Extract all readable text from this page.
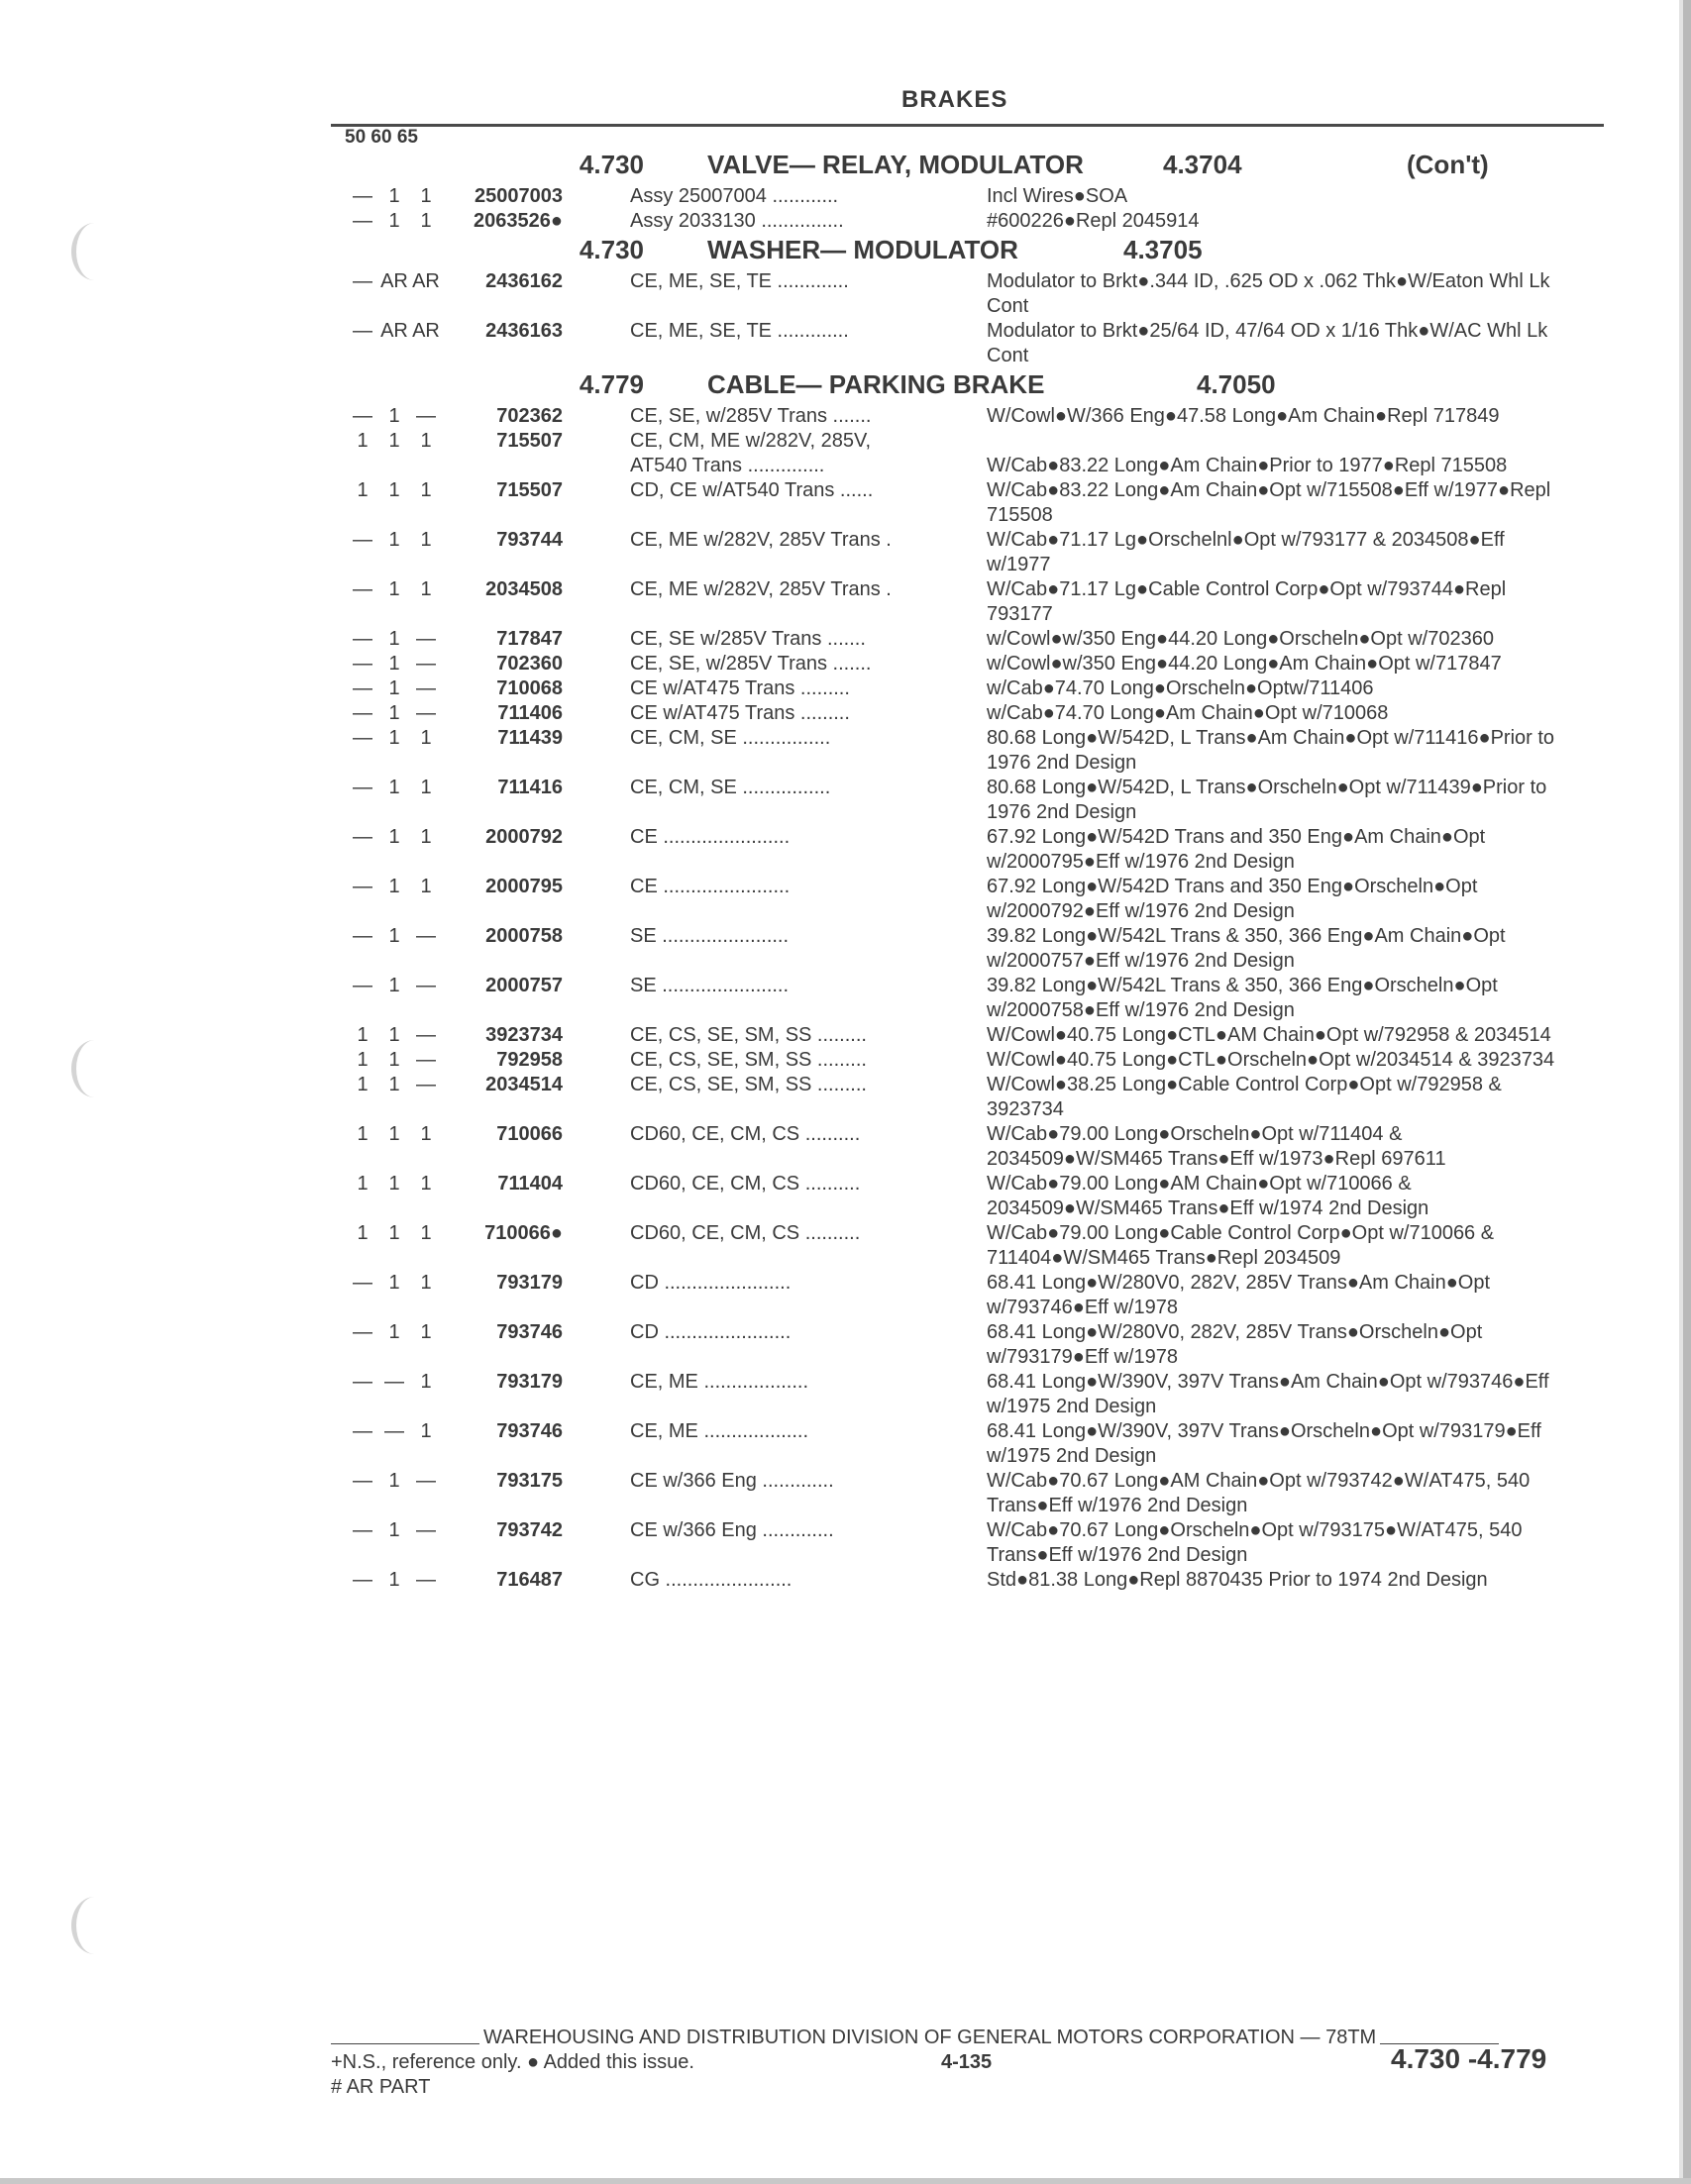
BRAKES
50 60 65
4.730 VALVE— RELAY, MODULATOR	4.3704	(Con't)
— 1	1	25007003	Assy 25007004 ............	Incl Wires●SOA
— 1	1	2063526●	Assy 2033130 ...............	#600226●Repl 2045914
4.730 WASHER— MODULATOR	4.3705
— AR AR	2436162	CE, ME, SE, TE .............	Modulator to Brkt●.344 ID, .625 OD x .062 Thk●W/Eaton Whl Lk Cont
— AR AR	2436163	CE, ME, SE, TE .............	Modulator to Brkt●25/64 ID, 47/64 OD x 1/16 Thk●W/AC Whl Lk Cont
4.779 CABLE— PARKING BRAKE	4.7050
— 1 —	702362	CE, SE, w/285V Trans .......	W/Cowl●W/366 Eng●47.58 Long●Am Chain●Repl 717849
1	1	1	715507	CE, CM, ME w/282V, 285V,
AT540 Trans ..............	W/Cab●83.22 Long●Am Chain●Prior to 1977●Repl 715508
1	1	1	715507	CD, CE w/AT540 Trans ......	W/Cab●83.22 Long●Am Chain●Opt w/715508●Eff w/1977●Repl 715508
— 1	1	793744	CE, ME w/282V, 285V Trans .	W/Cab●71.17 Lg●Orschelnl●Opt w/793177 & 2034508●Eff w/1977
— 1	1	2034508	CE, ME w/282V, 285V Trans .	W/Cab●71.17 Lg●Cable Control Corp●Opt w/793744●Repl 793177
— 1 —	717847	CE, SE w/285V Trans .......	w/Cowl●w/350 Eng●44.20 Long●Orscheln●Opt w/702360
— 1 —	702360	CE, SE, w/285V Trans .......	w/Cowl●w/350 Eng●44.20 Long●Am Chain●Opt w/717847
— 1 —	710068	CE w/AT475 Trans .........	w/Cab●74.70 Long●Orscheln●Optw/711406
— 1 —	711406	CE w/AT475 Trans .........	w/Cab●74.70 Long●Am Chain●Opt w/710068
— 1	1	711439	CE, CM, SE ................	80.68 Long●W/542D, L Trans●Am Chain●Opt w/711416●Prior to 1976 2nd Design
— 1	1	711416	CE, CM, SE ................	80.68 Long●W/542D, L Trans●Orscheln●Opt w/711439●Prior to 1976 2nd Design
— 1	1	2000792	CE .......................	67.92 Long●W/542D Trans and 350 Eng●Am Chain●Opt w/2000795●Eff w/1976 2nd Design
— 1	1	2000795	CE .......................	67.92 Long●W/542D Trans and 350 Eng●Orscheln●Opt w/2000792●Eff w/1976 2nd Design
— 1 —	2000758	SE .......................	39.82 Long●W/542L Trans & 350, 366 Eng●Am Chain●Opt w/2000757●Eff w/1976 2nd Design
— 1 —	2000757	SE .......................	39.82 Long●W/542L Trans & 350, 366 Eng●Orscheln●Opt w/2000758●Eff w/1976 2nd Design
1	1 —	3923734	CE, CS, SE, SM, SS .........	W/Cowl●40.75 Long●CTL●AM Chain●Opt w/792958 & 2034514
1	1 —	792958	CE, CS, SE, SM, SS .........	W/Cowl●40.75 Long●CTL●Orscheln●Opt w/2034514 & 3923734
1	1 —	2034514	CE, CS, SE, SM, SS .........	W/Cowl●38.25 Long●Cable Control Corp●Opt w/792958 & 3923734
1	1	1	710066	CD60, CE, CM, CS ..........	W/Cab●79.00 Long●Orscheln●Opt w/711404 & 2034509●W/SM465 Trans●Eff w/1973●Repl 697611
1	1	1	711404	CD60, CE, CM, CS ..........	W/Cab●79.00 Long●AM Chain●Opt w/710066 & 2034509●W/SM465 Trans●Eff w/1974 2nd Design
1	1	1	710066●	CD60, CE, CM, CS ..........	W/Cab●79.00 Long●Cable Control Corp●Opt w/710066 & 711404●W/SM465 Trans●Repl 2034509
— 1	1	793179	CD .......................	68.41 Long●W/280V0, 282V, 285V Trans●Am Chain●Opt w/793746●Eff w/1978
— 1	1	793746	CD .......................	68.41 Long●W/280V0, 282V, 285V Trans●Orscheln●Opt w/793179●Eff w/1978
— — 1	793179	CE, ME ...................	68.41 Long●W/390V, 397V Trans●Am Chain●Opt w/793746●Eff w/1975 2nd Design
— — 1	793746	CE, ME ...................	68.41 Long●W/390V, 397V Trans●Orscheln●Opt w/793179●Eff w/1975 2nd Design
— 1 —	793175	CE w/366 Eng .............	W/Cab●70.67 Long●AM Chain●Opt w/793742●W/AT475, 540 Trans●Eff w/1976 2nd Design
— 1 —	793742	CE w/366 Eng .............	W/Cab●70.67 Long●Orscheln●Opt w/793175●W/AT475, 540 Trans●Eff w/1976 2nd Design
— 1 —	716487	CG .......................	Std●81.38 Long●Repl 8870435 Prior to 1974 2nd Design
WAREHOUSING AND DISTRIBUTION DIVISION OF GENERAL MOTORS CORPORATION — 78TM
+N.S., reference only. ● Added this issue.	4-135	4.730 -4.779
# AR PART
